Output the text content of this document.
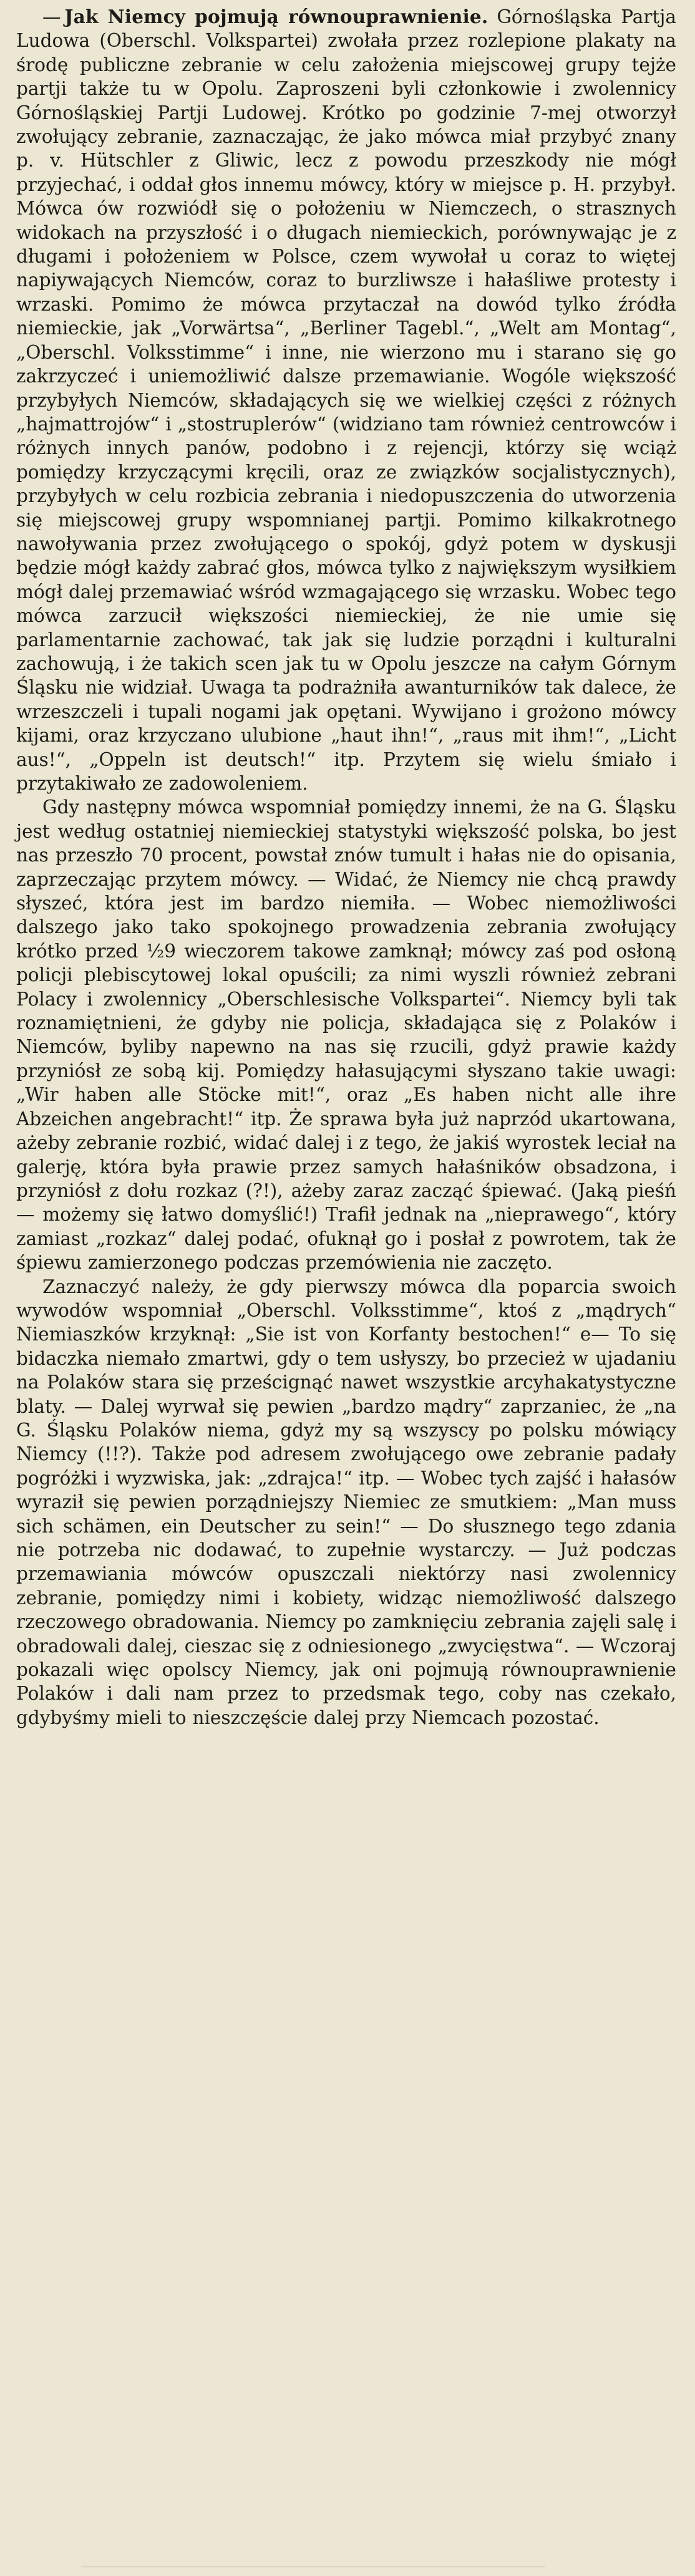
— Jak Niemcy pojmują równouprawnienie. Górnośląska Partja Ludowa (Oberschl. Volkspartei) zwołała przez rozlepione plakaty na środę publiczne zebranie w celu założenia miejscowej grupy tejże partji także tu w Opolu. Zaproszeni byli członkowie i zwolennicy Górnośląskiej Partji Ludowej. Krótko po godzinie 7-mej otworzył zwołujący zebranie, zaznaczając, że jako mówca miał przybyć znany p. v. Hütschler z Gliwic, lecz z powodu przeszkody nie mógł przyjechać, i oddał głos innemu mówcy, który w miejsce p. H. przybył. Mówca ów rozwiódł się o położeniu w Niemczech, o strasznych widokach na przyszłość i o długach niemieckich, porównywając je z długami i położeniem w Polsce, czem wywołał u coraz to więtej napiywających Niemców, coraz to burzliwsze i hałaśliwe protesty i wrzaski. Pomimo że mówca przytaczał na dowód tylko źródła niemieckie, jak „Vorwärtsa“, „Berliner Tagebl.“, „Welt am Montag“, „Oberschl. Volksstimme“ i inne, nie wierzono mu i starano się go zakrzyczeć i uniemożliwić dalsze przemawianie. Wogóle większość przybyłych Niemców, składających się we wielkiej części z różnych „hajmattrojów“ i „stostruplerów“ (widziano tam również centrowców i różnych innych panów, podobno i z rejencji, którzy się wciąż pomiędzy krzyczącymi kręcili, oraz ze związków socjalistycznych), przybyłych w celu rozbicia zebrania i niedopuszczenia do utworzenia się miejscowej grupy wspomnianej partji. Pomimo kilkakrotnego nawoływania przez zwołującego o spokój, gdyż potem w dyskusji będzie mógł każdy zabrać głos, mówca tylko z największym wysiłkiem mógł dalej przemawiać wśród wzmagającego się wrzasku. Wobec tego mówca zarzucił większości niemieckiej, że nie umie się parlamentarnie zachować, tak jak się ludzie porządni i kulturalni zachowują, i że takich scen jak tu w Opolu jeszcze na całym Górnym Śląsku nie widział. Uwaga ta podrażniła awanturników tak dalece, że wrzeszczeli i tupali nogami jak opętani. Wywijano i grożono mówcy kijami, oraz krzyczano ulubione „haut ihn!“, „raus mit ihm!“, „Licht aus!“, „Oppeln ist deutsch!“ itp. Przytem się wielu śmiało i przytakiwało ze zadowoleniem.

Gdy następny mówca wspomniał pomiędzy innemi, że na G. Śląsku jest według ostatniej niemieckiej statystyki większość polska, bo jest nas przeszło 70 procent, powstał znów tumult i hałas nie do opisania, zaprzeczając przytem mówcy. — Widać, że Niemcy nie chcą prawdy słyszeć, która jest im bardzo niemiła. — Wobec niemożliwości dalszego jako tako spokojnego prowadzenia zebrania zwołujący krótko przed ½9 wieczorem takowe zamknął; mówcy zaś pod osłoną policji plebiscytowej lokal opuścili; za nimi wyszli również zebrani Polacy i zwolennicy „Oberschlesische Volkspartei“. Niemcy byli tak roznamiętnieni, że gdyby nie policja, składająca się z Polaków i Niemców, byliby napewno na nas się rzucili, gdyż prawie każdy przyniósł ze sobą kij. Pomiędzy hałasującymi słyszano takie uwagi: „Wir haben alle Stöcke mit!“, oraz „Es haben nicht alle ihre Abzeichen angebracht!“ itp. Że sprawa była już naprzód ukartowana, ażeby zebranie rozbić, widać dalej i z tego, że jakiś wyrostek leciał na galerję, która była prawie przez samych hałaśników obsadzona, i przyniósł z dołu rozkaz (?!), ażeby zaraz zacząć śpiewać. (Jaką pieśń — możemy się łatwo domyślić!) Trafił jednak na „nieprawego“, który zamiast „rozkaz“ dalej podać, ofuknął go i posłał z powrotem, tak że śpiewu zamierzonego podczas przemówienia nie zaczęto.

Zaznaczyć należy, że gdy pierwszy mówca dla poparcia swoich wywodów wspomniał „Oberschl. Volksstimme“, ktoś z „mądrych“ Niemiaszków krzyknął: „Sie ist von Korfanty bestochen!“ e— To się bidaczka niemało zmartwi, gdy o tem usłyszy, bo przecież w ujadaniu na Polaków stara się prześcignąć nawet wszystkie arcyhakatystyczne blaty. — Dalej wyrwał się pewien „bardzo mądry“ zaprzaniec, że „na G. Śląsku Polaków niema, gdyż my są wszyscy po polsku mówiący Niemcy (!!?). Także pod adresem zwołującego owe zebranie padały pogróżki i wyzwiska, jak: „zdrajca!“ itp. — Wobec tych zajść i hałasów wyraził się pewien porządniejszy Niemiec ze smutkiem: „Man muss sich schämen, ein Deutscher zu sein!“ — Do słusznego tego zdania nie potrzeba nic dodawać, to zupełnie wystarczy. — Już podczas przemawiania mówców opuszczali niektórzy nasi zwolennicy zebranie, pomiędzy nimi i kobiety, widząc niemożliwość dalszego rzeczowego obradowania. Niemcy po zamknięciu zebrania zajęli salę i obradowali dalej, cieszac się z odniesionego „zwycięstwa“. — Wczoraj pokazali więc opolscy Niemcy, jak oni pojmują równouprawnienie Polaków i dali nam przez to przedsmak tego, coby nas czekało, gdybyśmy mieli to nieszczęście dalej przy Niemcach pozostać.
